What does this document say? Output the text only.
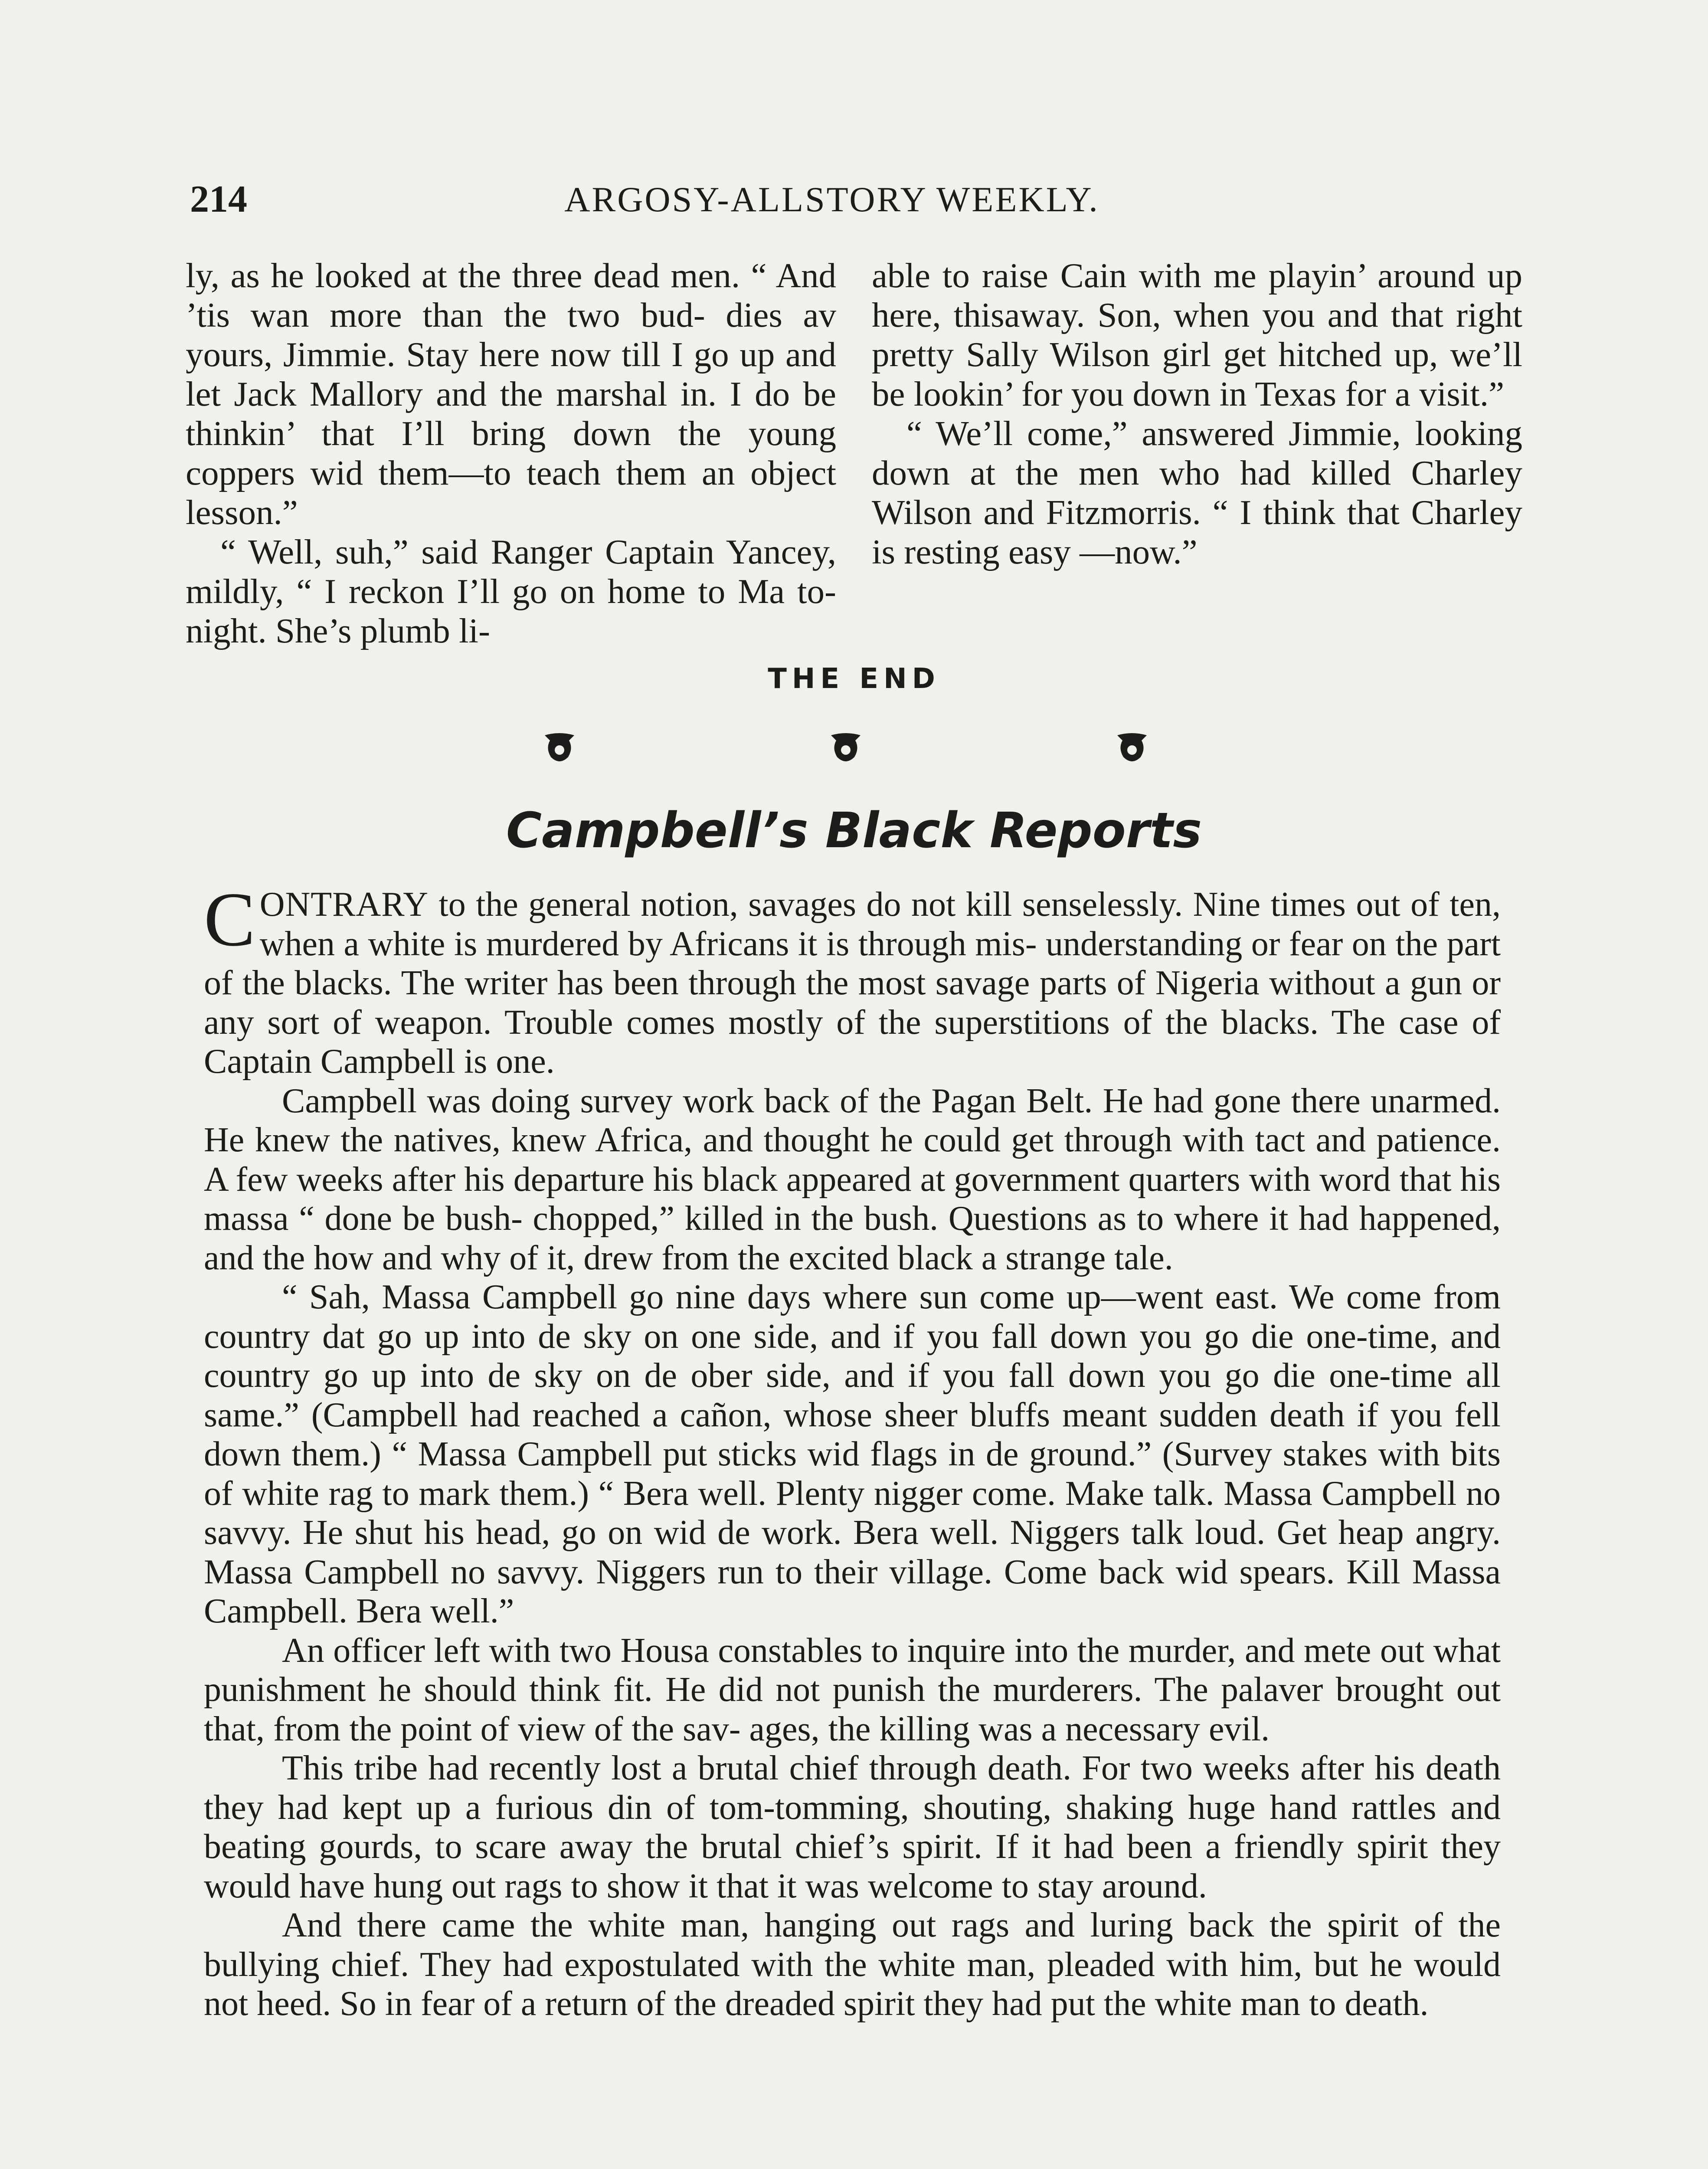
214	ARGOSY-ALLSTORY WEEKLY.

ly, as he looked at the three dead men. “ And ’tis wan more than the two bud- dies av yours, Jimmie. Stay here now till I go up and let Jack Mallory and the marshal in. I do be thinkin’ that I’ll bring down the young coppers wid them—to teach them an object lesson.”

“ Well, suh,” said Ranger Captain Yancey, mildly, “ I reckon I’ll go on home to Ma to-night. She’s plumb li-

able to raise Cain with me playin’ around up here, thisaway. Son, when you and that right pretty Sally Wilson girl get hitched up, we’ll be lookin’ for you down in Texas for a visit.”

“ We’ll come,” answered Jimmie, looking down at the men who had killed Charley Wilson and Fitzmorris. “ I think that Charley is resting easy —now.”

THE END
Campbell’s Black Reports

CONTRARY to the general notion, savages do not kill senselessly. Nine times out of ten, when a white is murdered by Africans it is through mis- understanding or fear on the part of the blacks. The writer has been through the most savage parts of Nigeria without a gun or any sort of weapon. Trouble comes mostly of the superstitions of the blacks. The case of Captain Campbell is one.

Campbell was doing survey work back of the Pagan Belt. He had gone there unarmed. He knew the natives, knew Africa, and thought he could get through with tact and patience. A few weeks after his departure his black appeared at government quarters with word that his massa “ done be bush- chopped,” killed in the bush. Questions as to where it had happened, and the how and why of it, drew from the excited black a strange tale.

“ Sah, Massa Campbell go nine days where sun come up—went east. We come from country dat go up into de sky on one side, and if you fall down you go die one-time, and country go up into de sky on de ober side, and if you fall down you go die one-time all same.” (Campbell had reached a cañon, whose sheer bluffs meant sudden death if you fell down them.) “ Massa Campbell put sticks wid flags in de ground.” (Survey stakes with bits of white rag to mark them.) “ Bera well. Plenty nigger come. Make talk. Massa Campbell no savvy. He shut his head, go on wid de work. Bera well. Niggers talk loud. Get heap angry. Massa Campbell no savvy. Niggers run to their village. Come back wid spears. Kill Massa Campbell. Bera well.”

An officer left with two Housa constables to inquire into the murder, and mete out what punishment he should think fit. He did not punish the murderers. The palaver brought out that, from the point of view of the sav- ages, the killing was a necessary evil.

This tribe had recently lost a brutal chief through death. For two weeks after his death they had kept up a furious din of tom-tomming, shouting, shaking huge hand rattles and beating gourds, to scare away the brutal chief’s spirit. If it had been a friendly spirit they would have hung out rags to show it that it was welcome to stay around.

And there came the white man, hanging out rags and luring back the spirit of the bullying chief. They had expostulated with the white man, pleaded with him, but he would not heed. So in fear of a return of the dreaded spirit they had put the white man to death.
